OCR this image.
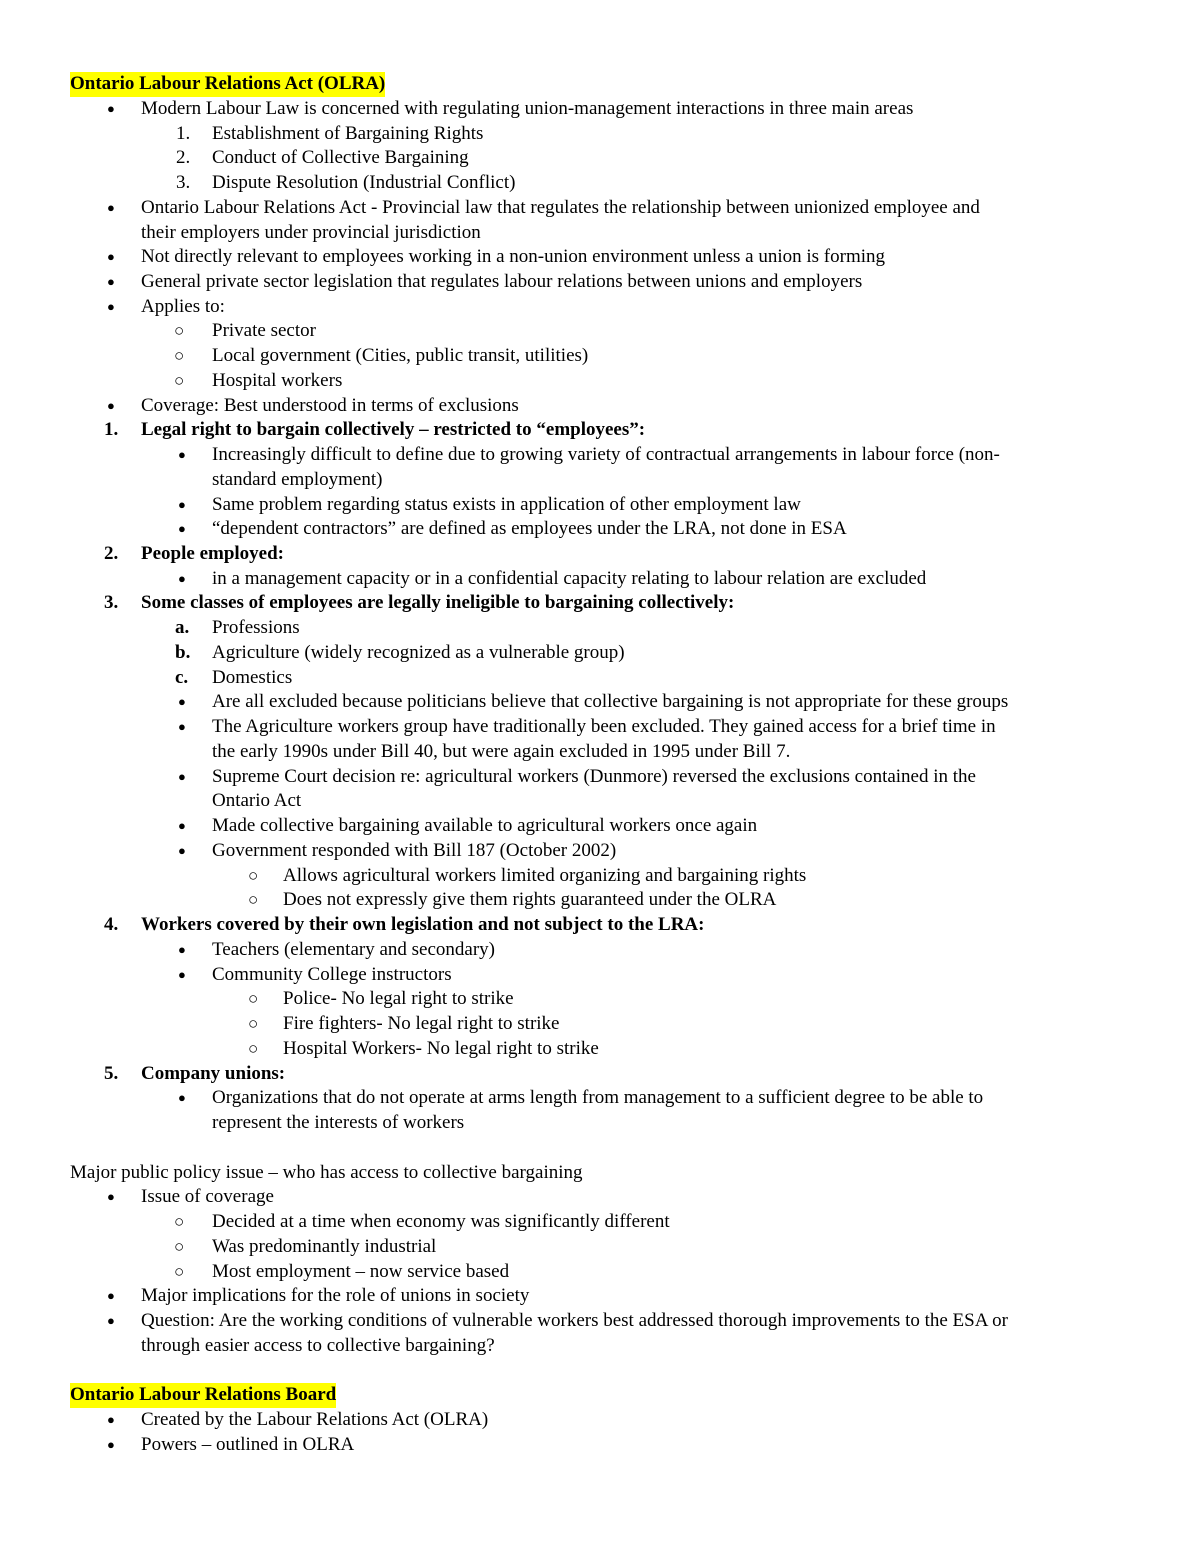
Ontario Labour Relations Act (OLRA)
● Modern Labour Law is concerned with regulating union-management interactions in three main areas
1. Establishment of Bargaining Rights
2. Conduct of Collective Bargaining
3. Dispute Resolution (Industrial Conflict)
● Ontario Labour Relations Act - Provincial law that regulates the relationship between unionized employee and
their employers under provincial jurisdiction
● Not directly relevant to employees working in a non-union environment unless a union is forming
● General private sector legislation that regulates labour relations between unions and employers
● Applies to:
○ Private sector
○ Local government (Cities, public transit, utilities)
○ Hospital workers
● Coverage: Best understood in terms of exclusions
1. Legal right to bargain collectively – restricted to “employees”:
● Increasingly difficult to define due to growing variety of contractual arrangements in labour force (non-
standard employment)
● Same problem regarding status exists in application of other employment law
● “dependent contractors” are defined as employees under the LRA, not done in ESA
2. People employed:
● in a management capacity or in a confidential capacity relating to labour relation are excluded
3. Some classes of employees are legally ineligible to bargaining collectively:
a. Professions
b. Agriculture (widely recognized as a vulnerable group)
c. Domestics
● Are all excluded because politicians believe that collective bargaining is not appropriate for these groups
● The Agriculture workers group have traditionally been excluded. They gained access for a brief time in
the early 1990s under Bill 40, but were again excluded in 1995 under Bill 7.
● Supreme Court decision re: agricultural workers (Dunmore) reversed the exclusions contained in the
Ontario Act
● Made collective bargaining available to agricultural workers once again
● Government responded with Bill 187 (October 2002)
○ Allows agricultural workers limited organizing and bargaining rights
○ Does not expressly give them rights guaranteed under the OLRA
4. Workers covered by their own legislation and not subject to the LRA:
● Teachers (elementary and secondary)
● Community College instructors
○ Police- No legal right to strike
○ Fire fighters- No legal right to strike
○ Hospital Workers- No legal right to strike
5. Company unions:
● Organizations that do not operate at arms length from management to a sufficient degree to be able to
represent the interests of workers
Major public policy issue – who has access to collective bargaining
● Issue of coverage
○ Decided at a time when economy was significantly different
○ Was predominantly industrial
○ Most employment – now service based
● Major implications for the role of unions in society
● Question: Are the working conditions of vulnerable workers best addressed thorough improvements to the ESA or
through easier access to collective bargaining?
Ontario Labour Relations Board
● Created by the Labour Relations Act (OLRA)
● Powers – outlined in OLRA
